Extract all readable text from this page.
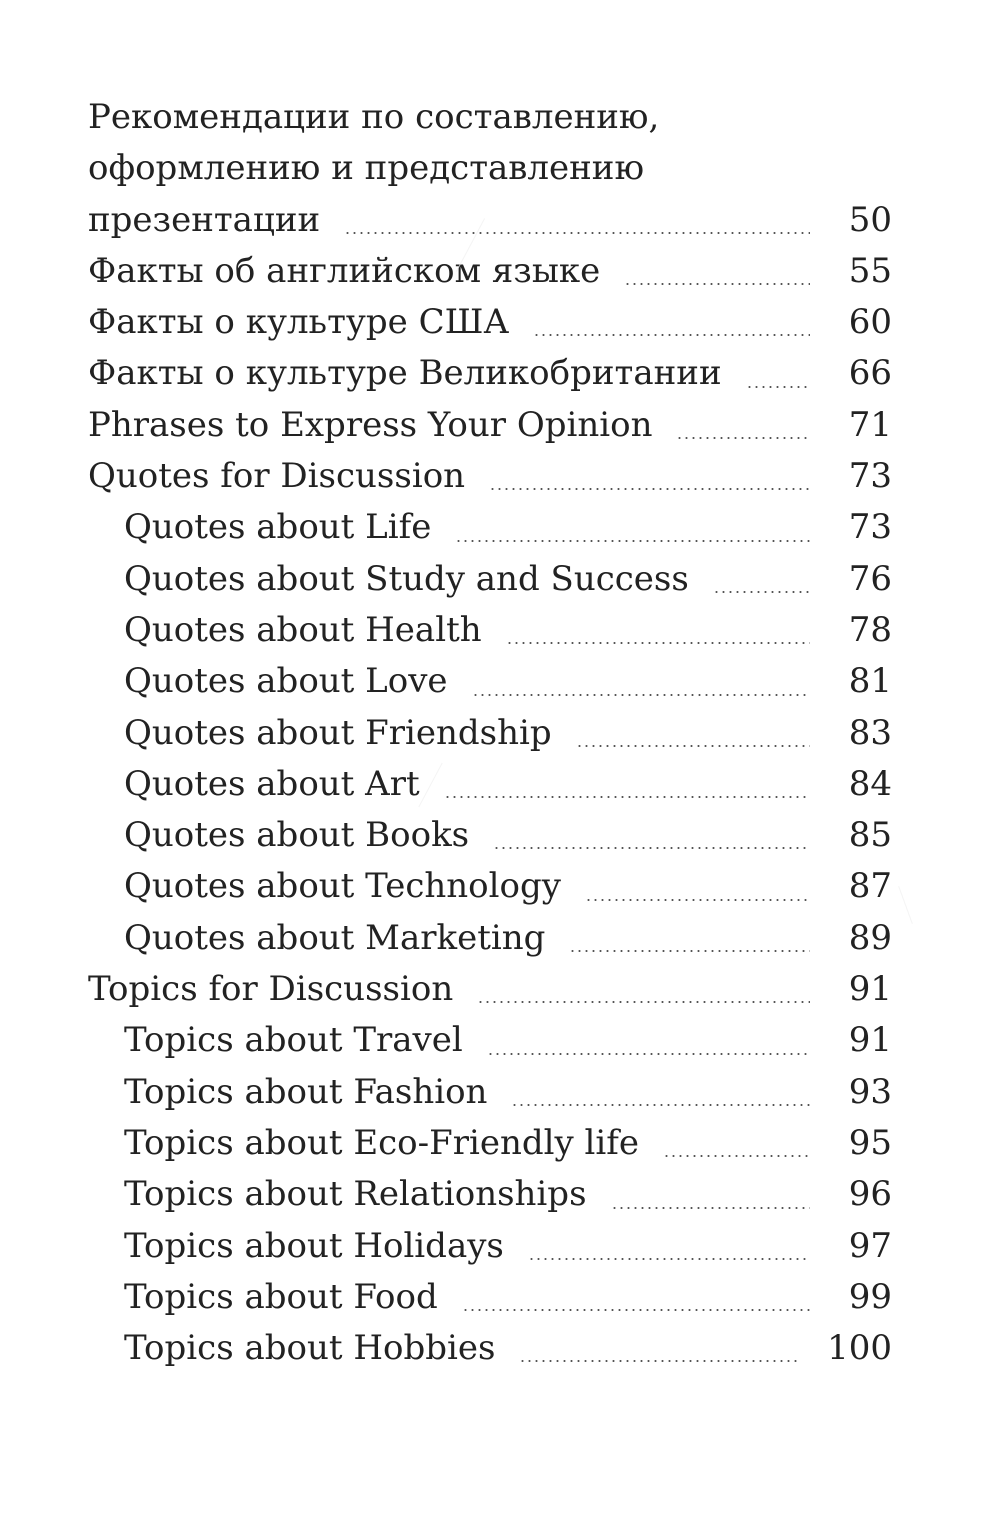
Рекомендации по составлению,
оформлению и представлению
презентации	50
Факты об английском языке	55
Факты о культуре США	60
Факты о культуре Великобритании	66
Phrases to Express Your Opinion	71
Quotes for Discussion	73
Quotes about Life	73
Quotes about Study and Success	76
Quotes about Health	78
Quotes about Love	81
Quotes about Friendship	83
Quotes about Art	84
Quotes about Books	85
Quotes about Technology	87
Quotes about Marketing	89
Topics for Discussion	91
Topics about Travel	91
Topics about Fashion	93
Topics about Eco-Friendly life	95
Topics about Relationships	96
Topics about Holidays	97
Topics about Food	99
Topics about Hobbies	100
